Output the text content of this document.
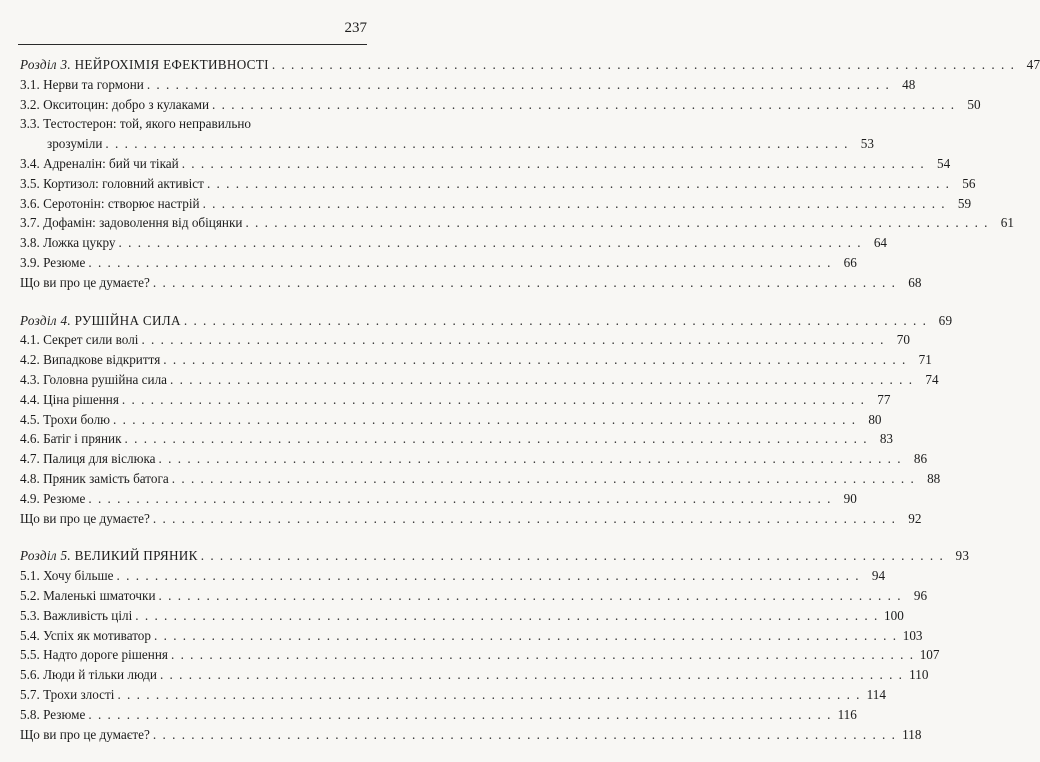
237
Розділ 3. НЕЙРОХІМІЯ ЕФЕКТИВНОСТІ . . .	47
3.1. Нерви та гормони . . .	48
3.2. Окситоцин: добро з кулаками . . .	50
3.3. Тестостерон: той, якого неправильно
зрозуміли . . .	53
3.4. Адреналін: бий чи тікай . . .	54
3.5. Кортизол: головний активіст . . .	56
3.6. Серотонін: створює настрій . . .	59
3.7. Дофамін: задоволення від обіцянки . . .	61
3.8. Ложка цукру . . .	64
3.9. Резюме . . .	66
Що ви про це думаєте? . . .	68
Розділ 4. РУШІЙНА СИЛА . . .	69
4.1. Секрет сили волі . . .	70
4.2. Випадкове відкриття . . .	71
4.3. Головна рушійна сила . . .	74
4.4. Ціна рішення . . .	77
4.5. Трохи болю . . .	80
4.6. Батіг і пряник . . .	83
4.7. Палиця для віслюка . . .	86
4.8. Пряник замість батога . . .	88
4.9. Резюме . . .	90
Що ви про це думаєте? . . .	92
Розділ 5. ВЕЛИКИЙ ПРЯНИК . . .	93
5.1. Хочу більше . . .	94
5.2. Маленькі шматочки . . .	96
5.3. Важливість цілі . . .	100
5.4. Успіх як мотиватор . . .	103
5.5. Надто дороге рішення . . .	107
5.6. Люди й тільки люди . . .	110
5.7. Трохи злості . . .	114
5.8. Резюме . . .	116
Що ви про це думаєте? . . .	118
